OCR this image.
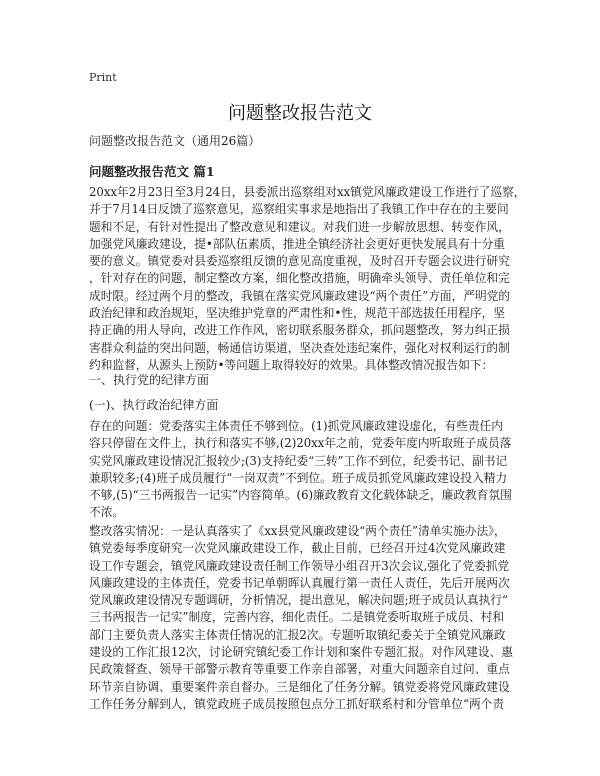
Print
问题整改报告范文
问题整改报告范文（通用26篇）
问题整改报告范文 篇1

20xx年2月23日至3月24日，县委派出巡察组对xx镇党风廉政建设工作进行了巡察，

并于7月14日反馈了巡察意见，巡察组实事求是地指出了我镇工作中存在的主要问

题和不足，有针对性提出了整改意见和建议。对我们进一步解放思想、转变作风，

加强党风廉政建设，提•部队伍素质，推进全镇经济社会更好更快发展具有十分重

要的意义。镇党委对县委巡察组反馈的意见高度重视，及时召开专题会议进行研究

，针对存在的问题，制定整改方案，细化整改措施，明确牵头领导、责任单位和完

成时限。经过两个月的整改，我镇在落实党风廉政建设“两个责任”方面，严明党的

政治纪律和政治规矩，坚决维护党章的严肃性和•性，规范干部选拔任用程序，坚

持正确的用人导向，改进工作作风，密切联系服务群众，抓问题整改，努力纠正损

害群众利益的突出问题，畅通信访渠道，坚决查处违纪案件，强化对权利运行的制

约和监督，从源头上预防•等问题上取得较好的效果。具体整改情况报告如下：

一、执行党的纪律方面
(一)、执行政治纪律方面

存在的问题：党委落实主体责任不够到位。(1)抓党风廉政建设虚化，有些责任内

容只停留在文件上，执行和落实不够,(2)20xx年之前，党委年度内听取班子成员落

实党风廉政建设情况汇报较少;(3)支持纪委“三转”工作不到位，纪委书记、副书记

兼职较多;(4)班子成员履行“一岗双责”不到位。班子成员抓党风廉政建设投入精力

不够,(5)“三书两报告一记实”内容简单。(6)廉政教育文化载体缺乏，廉政教育氛围

不浓。

整改落实情况：一是认真落实了《xx县党风廉政建设“两个责任”清单实施办法》，

镇党委每季度研究一次党风廉政建设工作，截止目前，已经召开过4次党风廉政建

设工作专题会，镇党风廉政建设责任制工作领导小组召开3次会议,强化了党委抓党

风廉政建设的主体责任，党委书记单朝晖认真履行第一责任人责任，先后开展两次

党风廉政建设情况专题调研，分析情况，提出意见，解决问题;班子成员认真执行“

三书两报告一记实”制度，完善内容，细化责任。二是镇党委听取班子成员、村和

部门主要负责人落实主体责任情况的汇报2次。专题听取镇纪委关于全镇党风廉政

建设的工作汇报12次，讨论研究镇纪委工作计划和案件专题汇报。对作风建设、惠

民政策督查、领导干部警示教育等重要工作亲自部署，对重大问题亲自过问、重点

环节亲自协调、重要案件亲自督办。三是细化了任务分解。镇党委将党风廉政建设

工作任务分解到人，镇党政班子成员按照包点分工抓好联系村和分管单位“两个责
